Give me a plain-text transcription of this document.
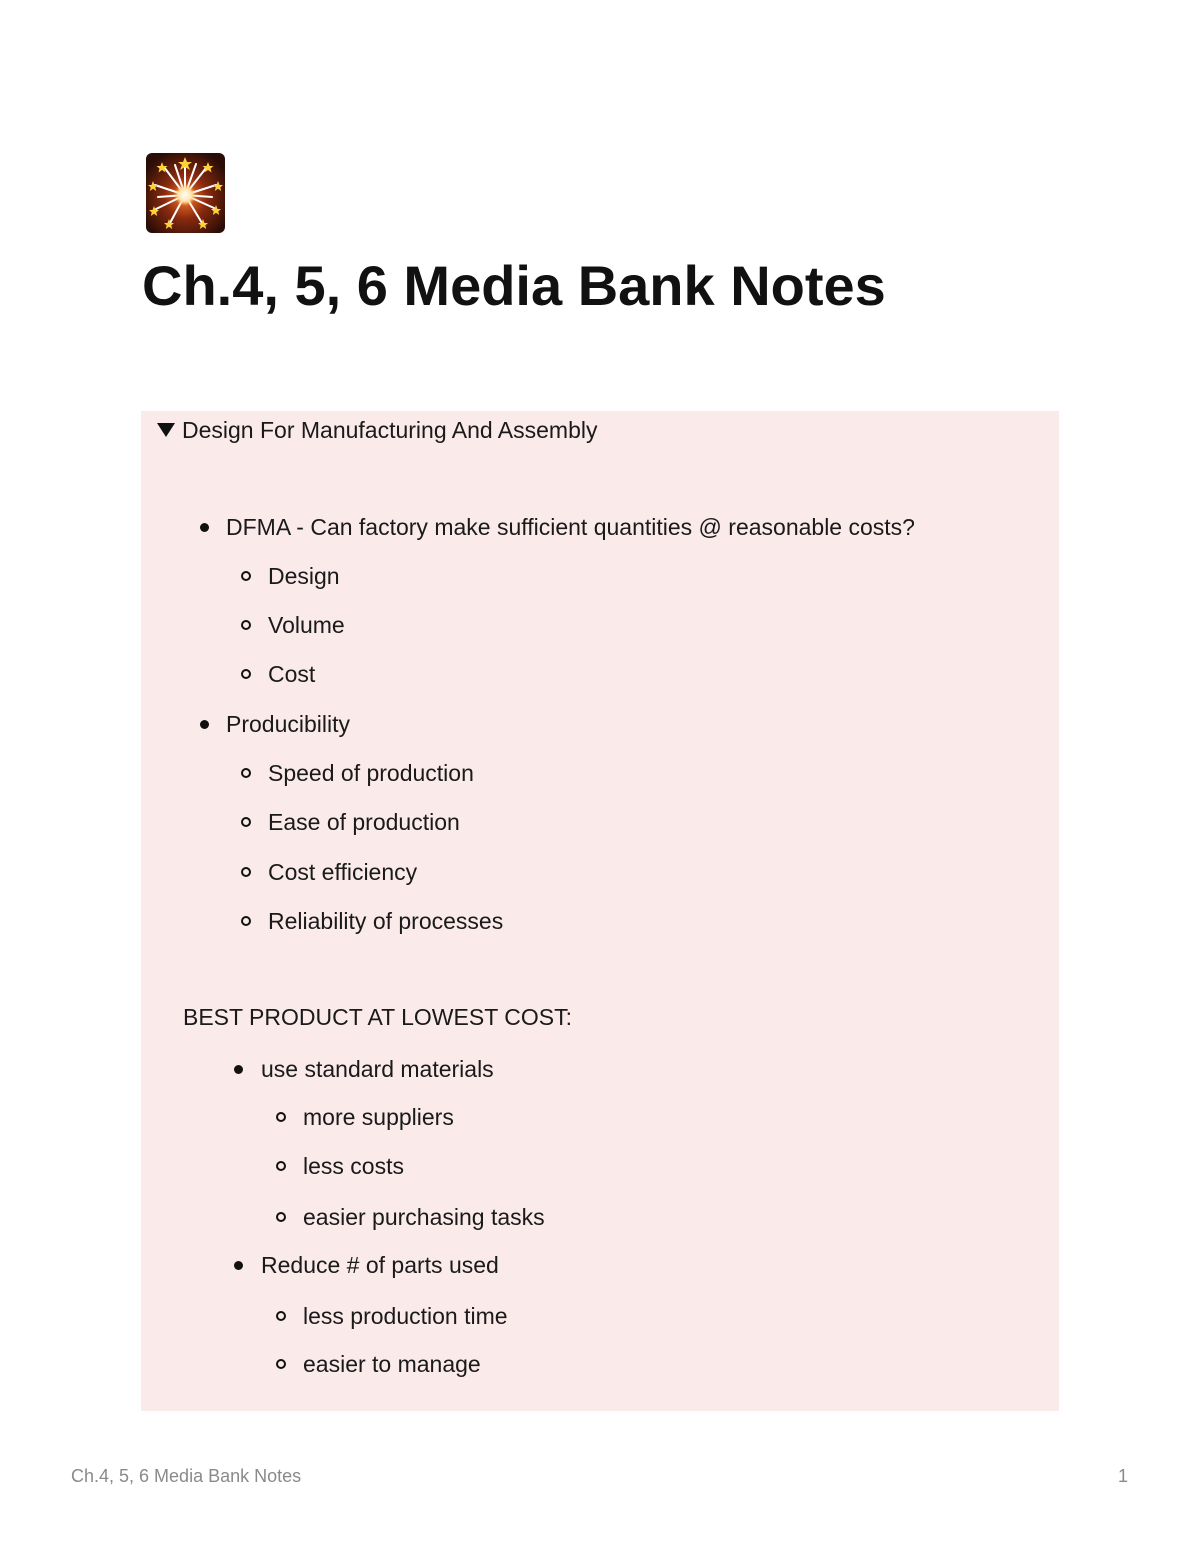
Ch.4, 5, 6 Media Bank Notes
Design For Manufacturing And Assembly
DFMA - Can factory make sufficient quantities @ reasonable costs?
Design
Volume
Cost
Producibility
Speed of production
Ease of production
Cost efficiency
Reliability of processes
BEST PRODUCT AT LOWEST COST:
use standard materials
more suppliers
less costs
easier purchasing tasks
Reduce # of parts used
less production time
easier to manage
Ch.4, 5, 6 Media Bank Notes	1
